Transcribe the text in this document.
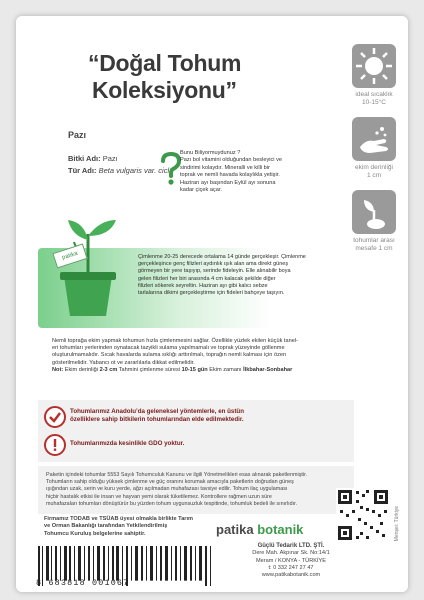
“Doğal Tohum
Koleksiyonu”	ideal sıcaklık
10-15°C
ekim derinliği
1 cm
tohumlar arası
mesafe 1 cm
Pazı
Bitki Adı: Pazı
Tür Adı: Beta vulgaris var. cicla
Bunu Biliyormuydunuz ?
Pazı bol vitamini olduğundan besleyici ve
sindirimi kolaydır. Mineralli ve killi bir
toprak ve nemli havada kolaylıkla yetişir.
Haziran ayı başından Eylül ayı sonuna
kadar çiçek açar.
Çimlenme 20-25 derecede ortalama 14 günde gerçekleşir. Çimlenme
gerçekleşince genç filizleri aydınlık ışık alan ama direkt güneş
görmeyen bir yere taşıyıp, serinde fideleyin. Elle alınabilir boya
gelen filizleri her biri arasında 4 cm kalacak şekilde diğer
filizleri sökerek seyreltin. Haziran ayı gibi kalıcı sebze
tarlalarına dikimi gerçekleştirme için fideleri bahçeye taşıyın.
patika
Nemli toprağa ekim yapmak tohumun hızla çimlenmesini sağlar. Özellikle yüzlek ekilen küçük tanel-
eri tohumları yerlerinden oynatacak tazyikli sulama yapılmamalı ve toprak yüzeyinde göllenme
oluşturulmamalıdır. Sıcak havalarda sulama sıklığı arttırılmalı, toprağın nemli kalması için özen
gösterilmelidir. Yabancı ot ve zararlılarla dikkat edilmelidir.
Not: Ekim derinliği 2-3 cm Tahmini çimlenme süresi 10-15 gün Ekim zamanı İlkbahar-Sonbahar
Tohumlarımız Anadolu’da geleneksel yöntemlerle, en üstün
özelliklere sahip bitkilerin tohumlarından elde edilmektedir.
Tohumlarımızda kesinlikle GDO yoktur.
Paketin içindeki tohumlar 5553 Sayılı Tohumculuk Kanunu ve ilgili Yönetmelikleri esas alınarak paketlenmiştir.
Tohumların sahip olduğu yüksek çimlenme ve güç oranını korumak amacıyla paketlerin doğrudan güneş
ışığından uzak, serin ve kuru yerde, ağzı açılmadan muhafazası tavsiye edilir. Tohum ilaç uygulaması
hiçbir hastalık etkisi ile insan ve hayvan yemi olarak tüketilemez. Kontrollere rağmen uzun süre
muhafazaları tohumları dönüştürür bu yüzden tohum uygunsuzluk tespitinde, tohumluk bedeli ile sınırlıdır.
Firmamız TODAB ve TSÜAB üyesi olmakla birlikte Tarım
ve Orman Bakanlığı tarafından Yetkilendirilmiş
Tohumcu Kuruluş belgelerine sahiptir.	patika botanik
Güçlü Tedarik LTD. ŞTİ.
Dere Mah. Akpınar Sk. No:14/1
Meram / KONYA - TÜRKİYE
t: 0 332 247 27 47
www.patikabotanik.com
Menşei: Türkiye
8 683818 001067
